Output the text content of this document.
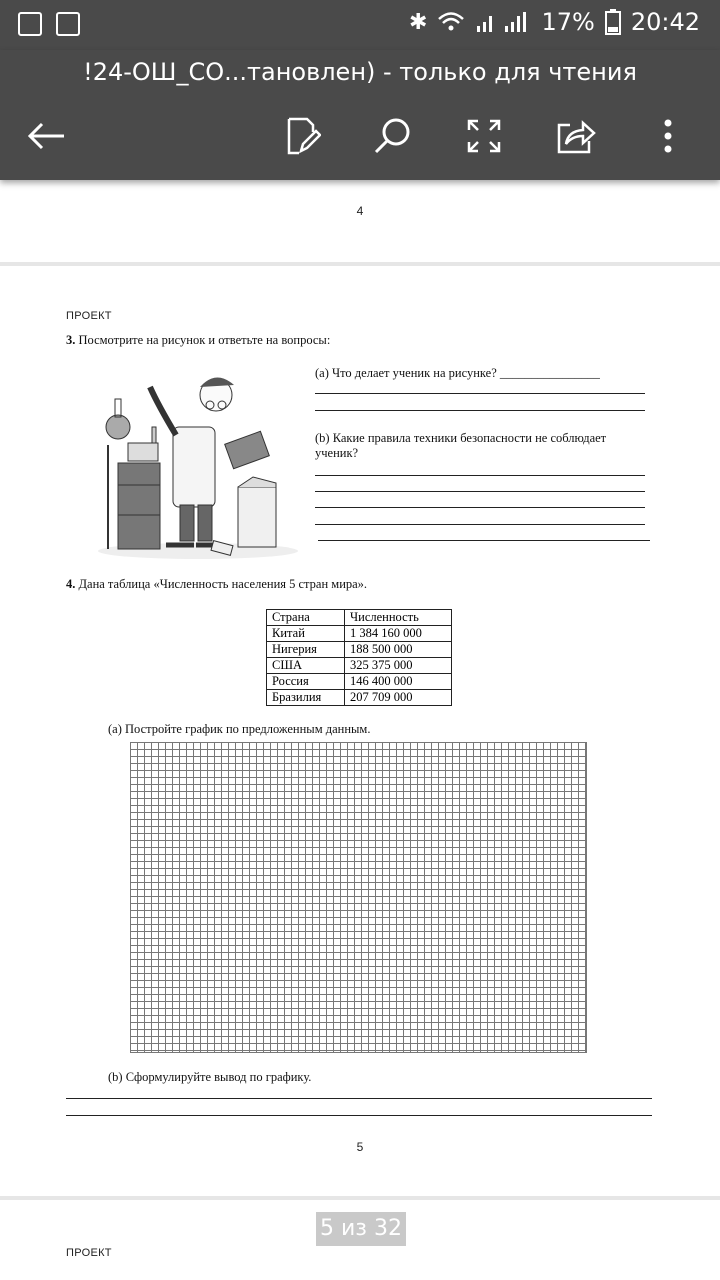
✱	17% 20:42
!24-ОШ_СО...тановлен) - только для чтения
4
ПРОЕКТ
3. Посмотрите на рисунок и ответьте на вопросы:
(a) Что делает ученик на рисунке? ________________
(b) Какие правила техники безопасности не соблюдает ученик?
4. Дана таблица «Численность населения 5 стран мира».
Страна	Численность
Китай	1 384 160 000
Нигерия	188 500 000
США	325 375 000
Россия	146 400 000
Бразилия	207 709 000
(a) Постройте график по предложенным данным.
(b) Сформулируйте вывод по графику.
5
ПРОЕКТ
5 из 32
